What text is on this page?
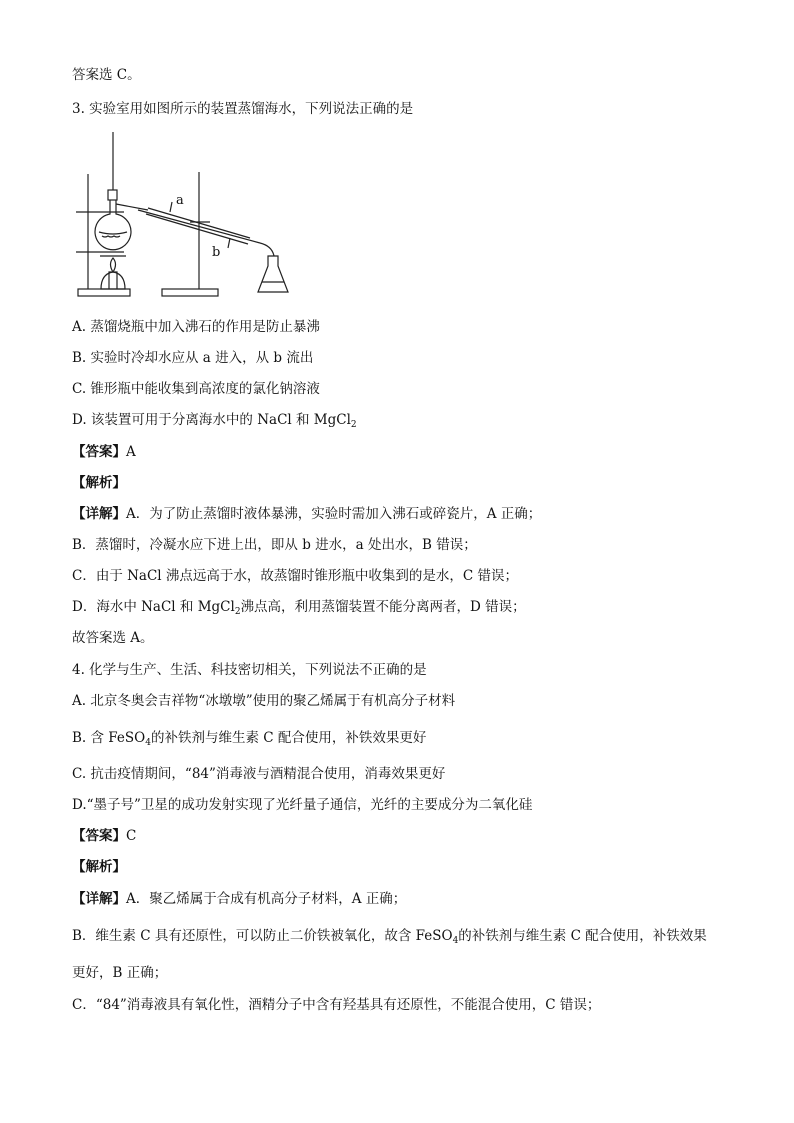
答案选 C。
3. 实验室用如图所示的装置蒸馏海水，下列说法正确的是
a
b
A. 蒸馏烧瓶中加入沸石的作用是防止暴沸
B. 实验时冷却水应从 a 进入，从 b 流出
C. 锥形瓶中能收集到高浓度的氯化钠溶液
D. 该装置可用于分离海水中的 NaCl 和 MgCl$_2$
【答案】A
【解析】
【详解】A．为了防止蒸馏时液体暴沸，实验时需加入沸石或碎瓷片，A 正确；
B．蒸馏时，冷凝水应下进上出，即从 b 进水，a 处出水，B 错误；
C．由于 NaCl 沸点远高于水，故蒸馏时锥形瓶中收集到的是水，C 错误；
D．海水中 NaCl 和 MgCl$_2$沸点高，利用蒸馏装置不能分离两者，D 错误；
故答案选 A。
4. 化学与生产、生活、科技密切相关，下列说法不正确的是
A. 北京冬奥会吉祥物“冰墩墩”使用的聚乙烯属于有机高分子材料
B. 含 FeSO$_4$的补铁剂与维生素 C 配合使用，补铁效果更好
C. 抗击疫情期间，“84”消毒液与酒精混合使用，消毒效果更好
D.“墨子号”卫星的成功发射实现了光纤量子通信，光纤的主要成分为二氧化硅
【答案】C
【解析】
【详解】A．聚乙烯属于合成有机高分子材料，A 正确；
B．维生素 C 具有还原性，可以防止二价铁被氧化，故含 FeSO$_4$的补铁剂与维生素 C 配合使用，补铁效果
更好，B 正确；
C．“84”消毒液具有氧化性，酒精分子中含有羟基具有还原性，不能混合使用，C 错误；
